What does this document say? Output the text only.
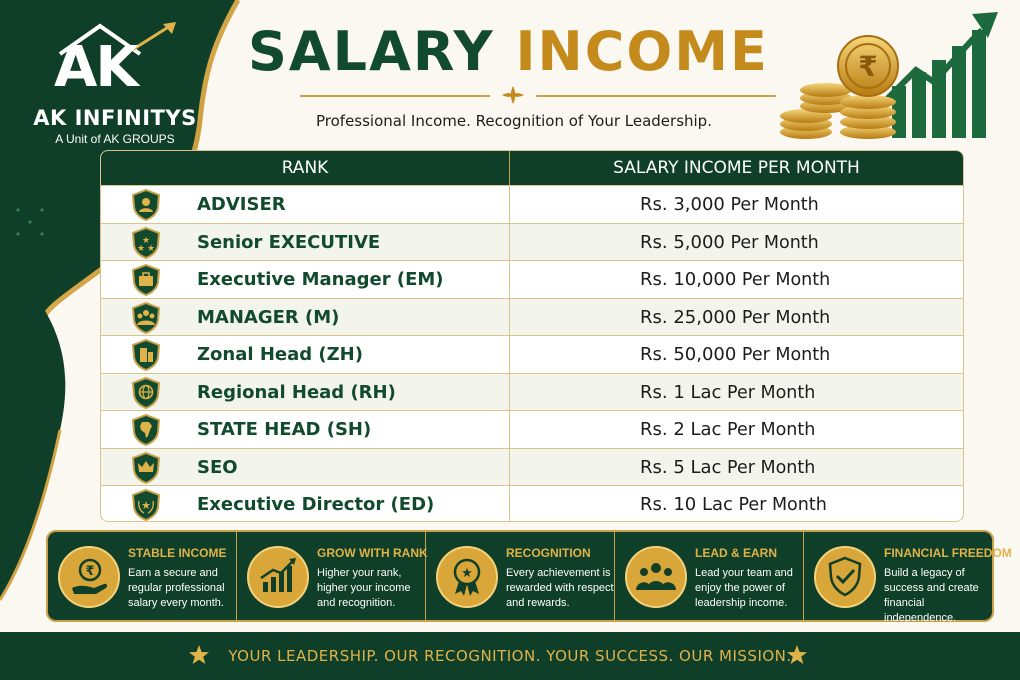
AK
AK INFINITYS
A Unit of AK GROUPS
SALARY INCOME
Professional Income. Recognition of Your Leadership.
₹
RANK	SALARY INCOME PER MONTH
ADVISER	Rs. 3,000 Per Month
★
★ ★ Senior EXECUTIVE	Rs. 5,000 Per Month
Executive Manager (EM)	Rs. 10,000 Per Month
MANAGER (M)	Rs. 25,000 Per Month
Zonal Head (ZH)	Rs. 50,000 Per Month
Regional Head (RH)	Rs. 1 Lac Per Month
STATE HEAD (SH)	Rs. 2 Lac Per Month
SEO	Rs. 5 Lac Per Month
★	Executive Director (ED)	Rs. 10 Lac Per Month
₹
STABLE INCOME
Earn a secure and regular professional salary every month.
GROW WITH RANK
Higher your rank, higher your income and recognition.
★
RECOGNITION
Every achievement is rewarded with respect and rewards.
LEAD & EARN
Lead your team and enjoy the power of leadership income.
FINANCIAL FREEDOM
Build a legacy of success and create financial independence.
YOUR LEADERSHIP. OUR RECOGNITION. YOUR SUCCESS. OUR MISSION.
